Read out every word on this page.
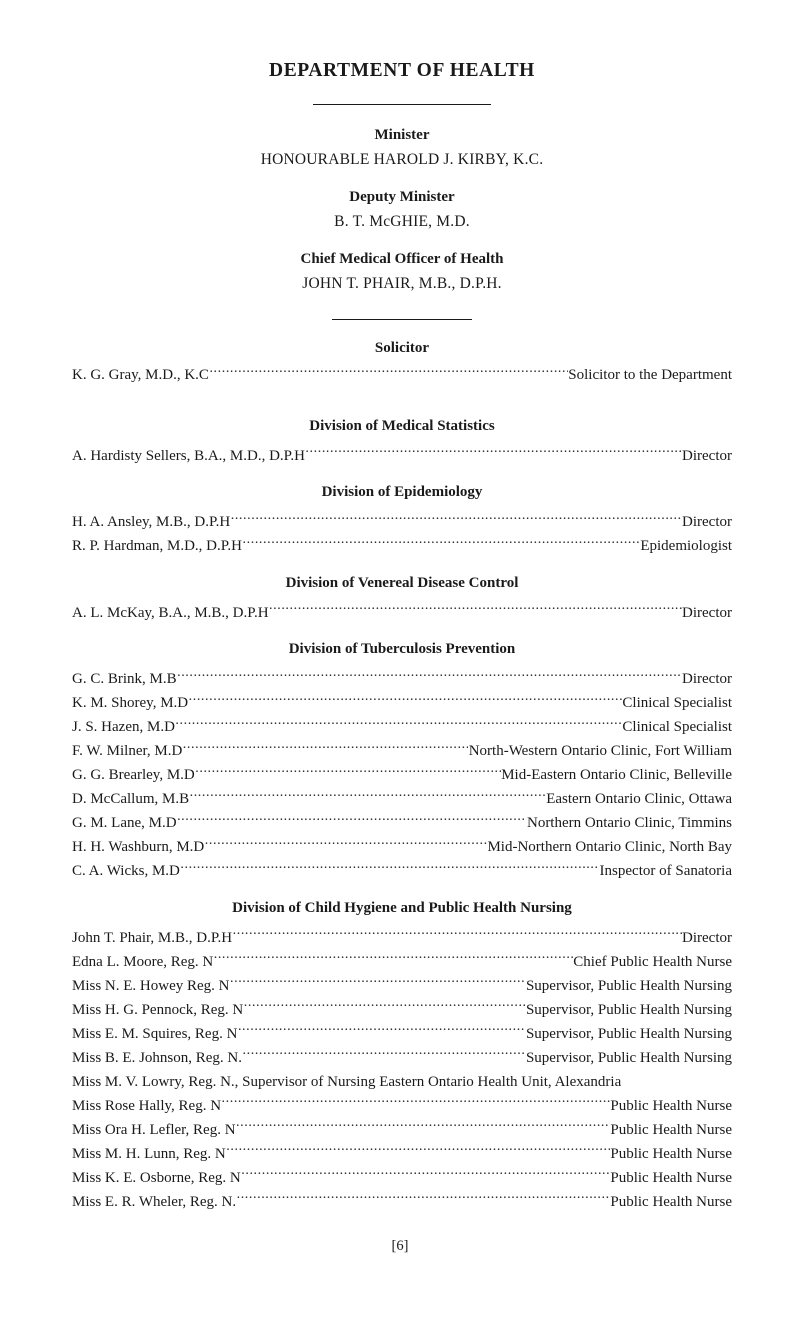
DEPARTMENT OF HEALTH
Minister
HONOURABLE HAROLD J. KIRBY, K.C.
Deputy Minister
B. T. McGHIE, M.D.
Chief Medical Officer of Health
JOHN T. PHAIR, M.B., D.P.H.
Solicitor
K. G. Gray, M.D., K.C .....	Solicitor to the Department
Division of Medical Statistics
A. Hardisty Sellers, B.A., M.D., D.P.H .....	Director
Division of Epidemiology
H. A. Ansley, M.B., D.P.H .....	Director
R. P. Hardman, M.D., D.P.H .....	Epidemiologist
Division of Venereal Disease Control
A. L. McKay, B.A., M.B., D.P.H .....	Director
Division of Tuberculosis Prevention
G. C. Brink, M.B .....	Director
K. M. Shorey, M.D .....	Clinical Specialist
J. S. Hazen, M.D .....	Clinical Specialist
F. W. Milner, M.D .....	North-Western Ontario Clinic, Fort William
G. G. Brearley, M.D .....	Mid-Eastern Ontario Clinic, Belleville
D. McCallum, M.B .....	Eastern Ontario Clinic, Ottawa
G. M. Lane, M.D .....	Northern Ontario Clinic, Timmins
H. H. Washburn, M.D .....	Mid-Northern Ontario Clinic, North Bay
C. A. Wicks, M.D .....	Inspector of Sanatoria
Division of Child Hygiene and Public Health Nursing
John T. Phair, M.B., D.P.H .....	Director
Edna L. Moore, Reg. N .....	Chief Public Health Nurse
Miss N. E. Howey Reg. N .....	Supervisor, Public Health Nursing
Miss H. G. Pennock, Reg. N .....	Supervisor, Public Health Nursing
Miss E. M. Squires, Reg. N .....	Supervisor, Public Health Nursing
Miss B. E. Johnson, Reg. N. .....	Supervisor, Public Health Nursing
Miss M. V. Lowry, Reg. N., Supervisor of Nursing Eastern Ontario Health Unit, Alexandria
Miss Rose Hally, Reg. N .....	Public Health Nurse
Miss Ora H. Lefler, Reg. N .....	Public Health Nurse
Miss M. H. Lunn, Reg. N .....	Public Health Nurse
Miss K. E. Osborne, Reg. N .....	Public Health Nurse
Miss E. R. Wheler, Reg. N. .....	Public Health Nurse
[6]
